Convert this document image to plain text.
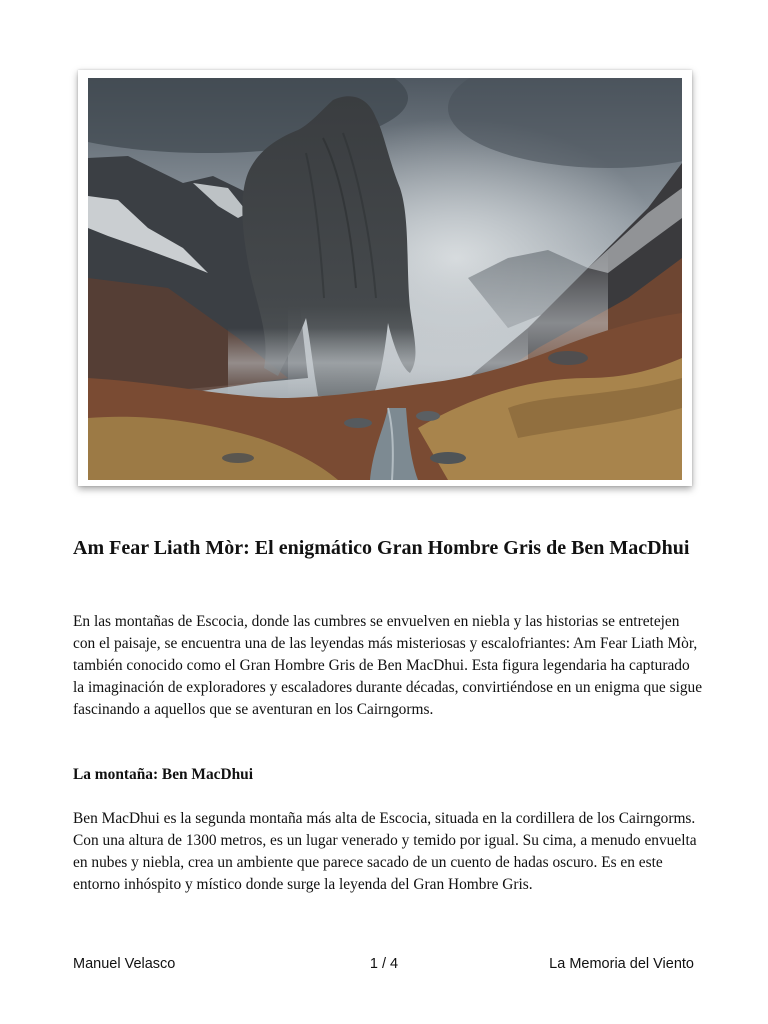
Am Fear Liath Mòr: El enigmático Gran Hombre Gris de Ben MacDhui

En las montañas de Escocia, donde las cumbres se envuelven en niebla y las historias se entretejen con el paisaje, se encuentra una de las leyendas más misteriosas y escalofriantes: Am Fear Liath Mòr, también conocido como el Gran Hombre Gris de Ben MacDhui. Esta figura legendaria ha capturado la imaginación de exploradores y escaladores durante décadas, convirtiéndose en un enigma que sigue fascinando a aquellos que se aventuran en los Cairngorms.

La montaña: Ben MacDhui

Ben MacDhui es la segunda montaña más alta de Escocia, situada en la cordillera de los Cairngorms. Con una altura de 1300 metros, es un lugar venerado y temido por igual. Su cima, a menudo envuelta en nubes y niebla, crea un ambiente que parece sacado de un cuento de hadas oscuro. Es en este entorno inhóspito y místico donde surge la leyenda del Gran Hombre Gris.

Manuel Velasco	1 / 4	La Memoria del Viento
